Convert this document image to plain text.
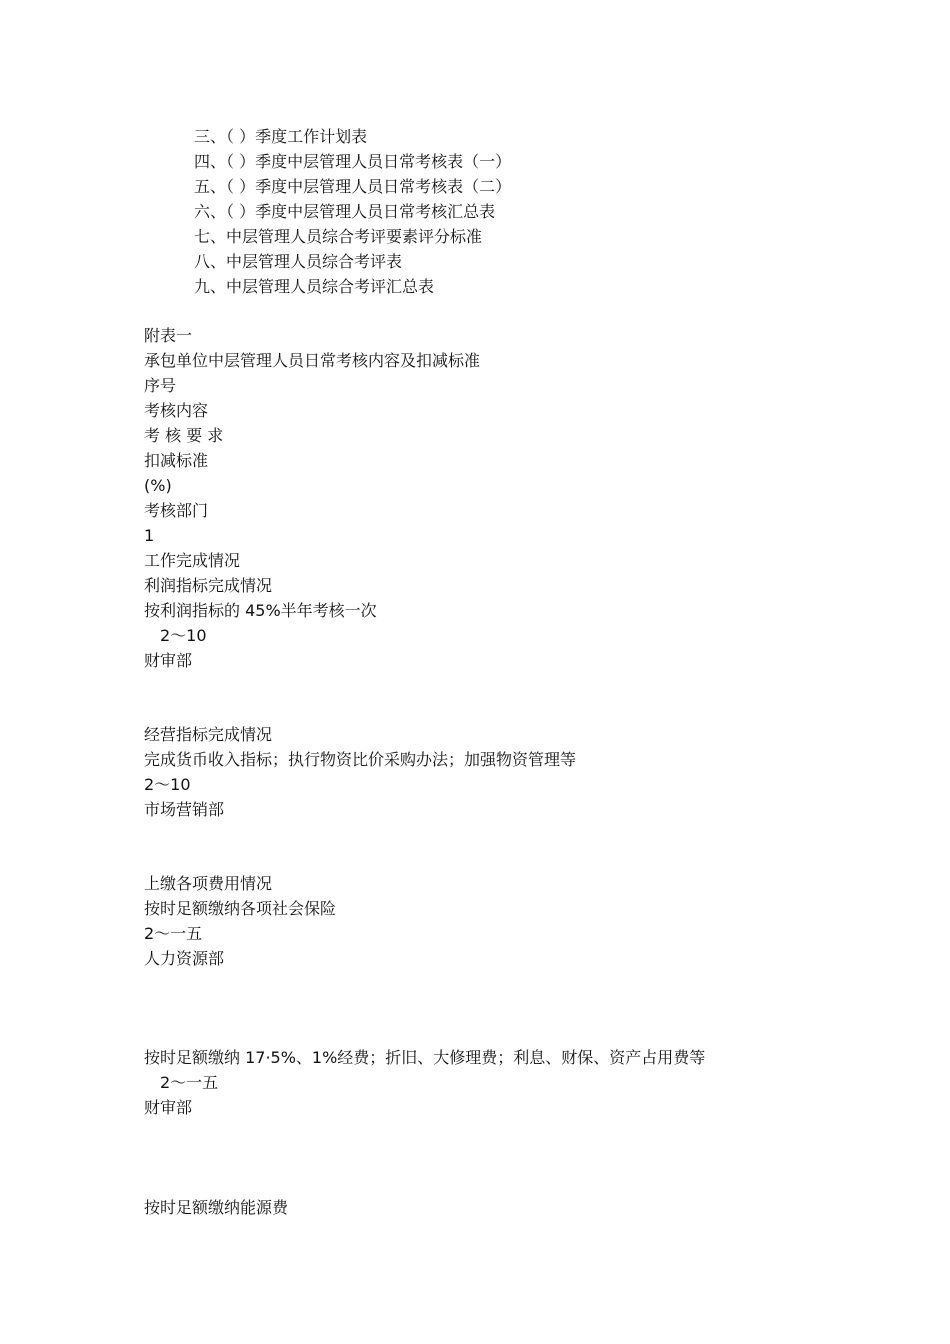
三、（ ）季度工作计划表
四、（ ）季度中层管理人员日常考核表（一）
五、（ ）季度中层管理人员日常考核表（二）
六、（ ）季度中层管理人员日常考核汇总表
七、中层管理人员综合考评要素评分标准
八、中层管理人员综合考评表
九、中层管理人员综合考评汇总表
附表一
承包单位中层管理人员日常考核内容及扣减标准
序号
考核内容
考 核 要 求
扣减标准
(%)
考核部门
1
工作完成情况
利润指标完成情况
按利润指标的 45%半年考核一次
2～10
财审部
经营指标完成情况
完成货币收入指标；执行物资比价采购办法；加强物资管理等
2～10
市场营销部
上缴各项费用情况
按时足额缴纳各项社会保险
2～一五
人力资源部
按时足额缴纳 17·5%、1%经费；折旧、大修理费；利息、财保、资产占用费等
2～一五
财审部
按时足额缴纳能源费
